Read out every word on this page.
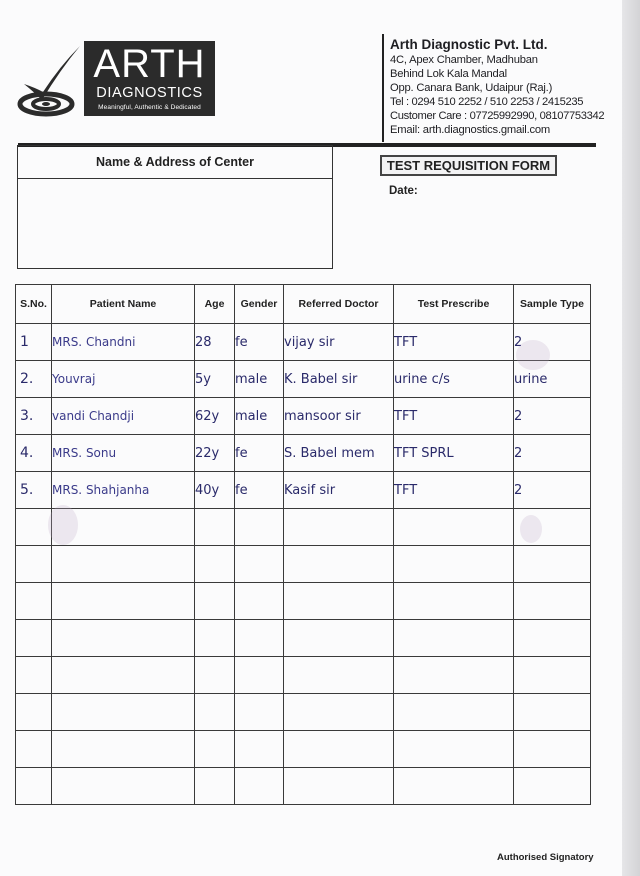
ARTH
DIAGNOSTICS
Meaningful, Authentic & Dedicated
Arth Diagnostic Pvt. Ltd.
4C, Apex Chamber, Madhuban
Behind Lok Kala Mandal
Opp. Canara Bank, Udaipur (Raj.)
Tel : 0294 510 2252 / 510 2253 / 2415235
Customer Care : 07725992990, 08107753342
Email: arth.diagnostics.gmail.com
Name & Address of Center	TEST REQUISITION FORM
Date:
S.No.	Patient Name	Age	Gender	Referred Doctor	Test Prescribe	Sample Type
1	MRS. Chandni	28	fe	vijay sir	TFT	2
2.	Youvraj	5y	male	K. Babel sir	urine c/s	urine
3.	vandi Chandji	62y	male	mansoor sir	TFT	2
4.	MRS. Sonu	22y	fe	S. Babel mem	TFT SPRL	2
5.	MRS. Shahjanha	40y	fe	Kasif sir	TFT	2

Authorised Signatory
